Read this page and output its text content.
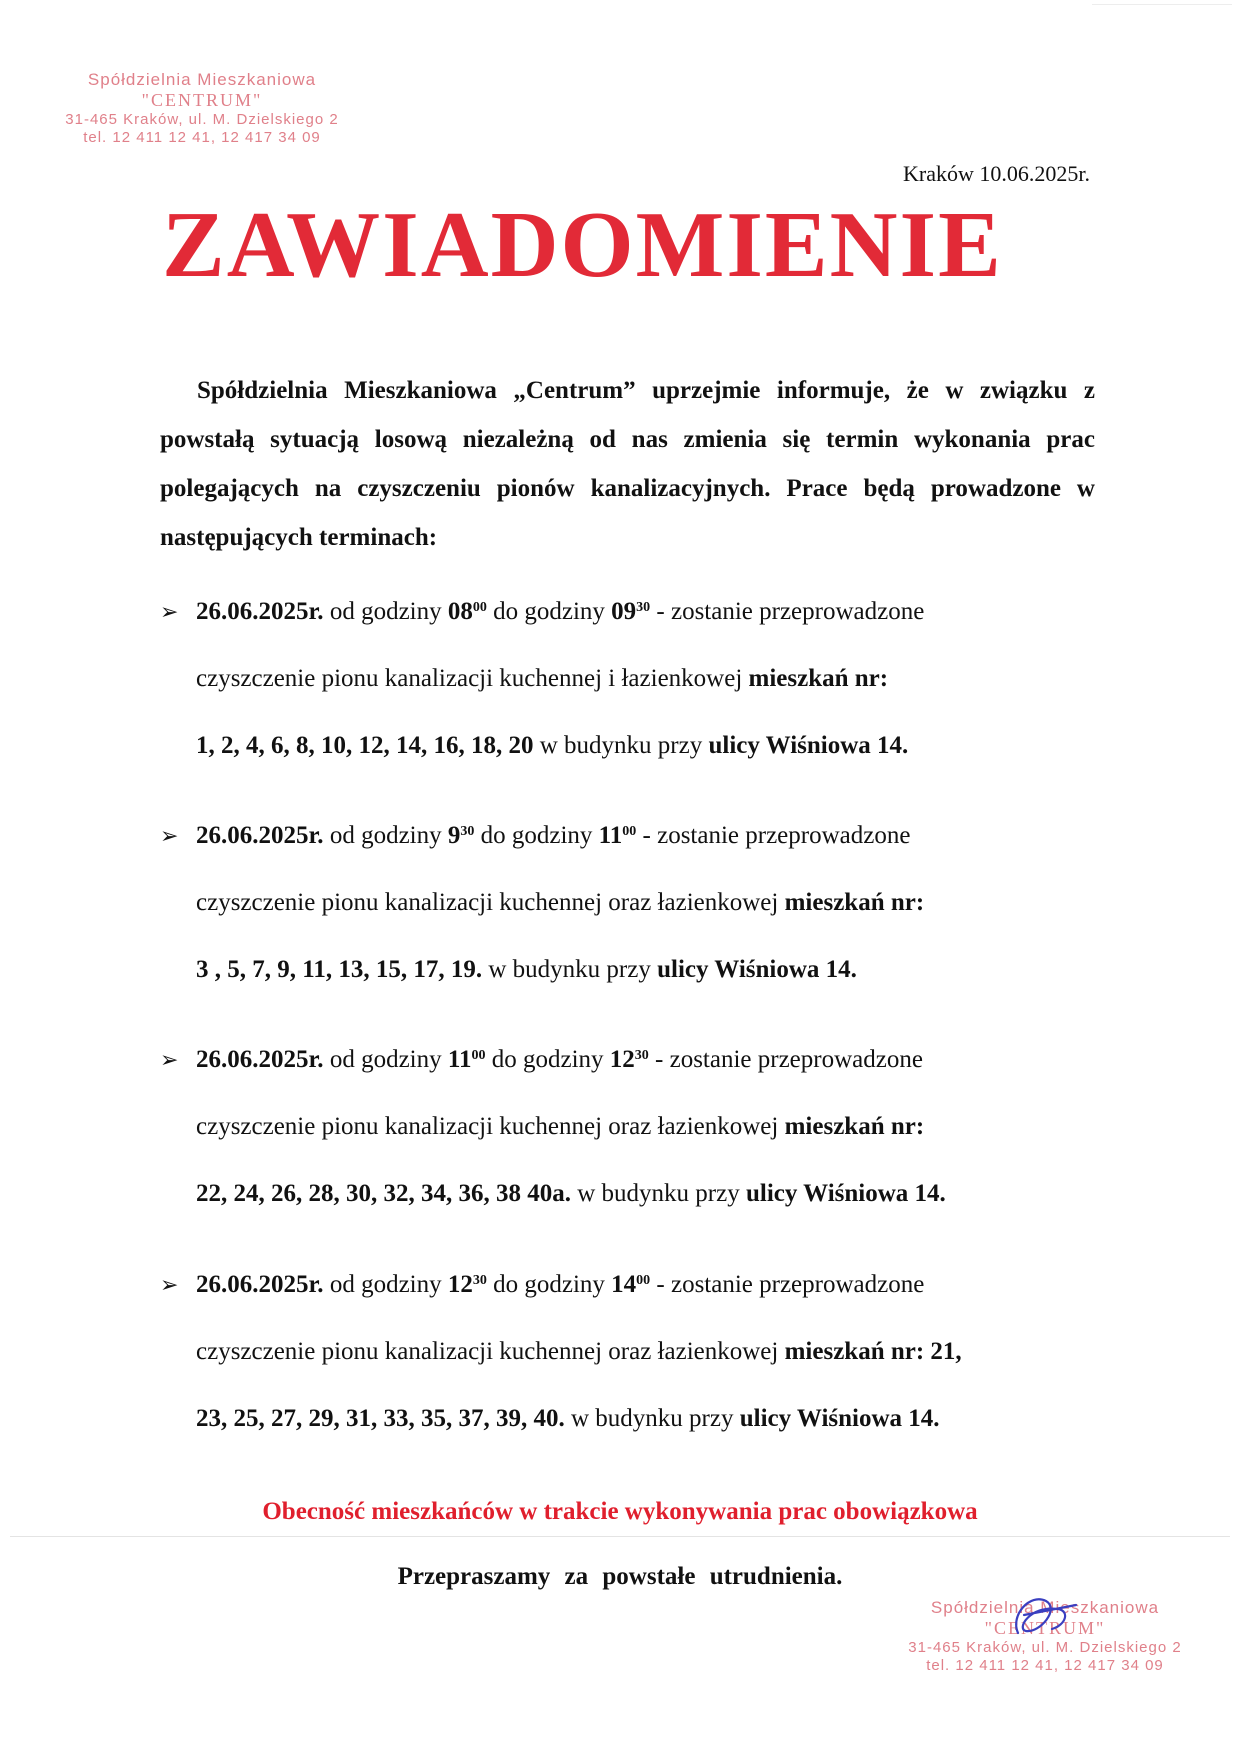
Spółdzielnia Mieszkaniowa
"CENTRUM"
31-465 Kraków, ul. M. Dzielskiego 2
tel. 12 411 12 41, 12 417 34 09
Kraków 10.06.2025r.
ZAWIADOMIENIE
Spółdzielnia Mieszkaniowa „Centrum” uprzejmie informuje, że w związku z powstałą sytuacją losową niezależną od nas zmienia się termin wykonania prac polegających na czyszczeniu pionów kanalizacyjnych. Prace będą prowadzone w następujących terminach:
➢ 26.06.2025r. od godziny $08^{00}$ do godziny $09^{30}$ - zostanie przeprowadzone
czyszczenie pionu kanalizacji kuchennej i łazienkowej mieszkań nr:
1, 2, 4, 6, 8, 10, 12, 14, 16, 18, 20 w budynku przy ulicy Wiśniowa 14.
➢ 26.06.2025r. od godziny $9^{30}$ do godziny $11^{00}$ - zostanie przeprowadzone
czyszczenie pionu kanalizacji kuchennej oraz łazienkowej mieszkań nr:
3 , 5, 7, 9, 11, 13, 15, 17, 19. w budynku przy ulicy Wiśniowa 14.
➢ 26.06.2025r. od godziny $11^{00}$ do godziny $12^{30}$ - zostanie przeprowadzone
czyszczenie pionu kanalizacji kuchennej oraz łazienkowej mieszkań nr:
22, 24, 26, 28, 30, 32, 34, 36, 38 40a. w budynku przy ulicy Wiśniowa 14.
➢ 26.06.2025r. od godziny $12^{30}$ do godziny $14^{00}$ - zostanie przeprowadzone
czyszczenie pionu kanalizacji kuchennej oraz łazienkowej mieszkań nr: 21,
23, 25, 27, 29, 31, 33, 35, 37, 39, 40. w budynku przy ulicy Wiśniowa 14.
Obecność mieszkańców w trakcie wykonywania prac obowiązkowa
Przepraszamy za powstałe utrudnienia.
Spółdzielnia Mieszkaniowa
"CENTRUM"
31-465 Kraków, ul. M. Dzielskiego 2
tel. 12 411 12 41, 12 417 34 09
